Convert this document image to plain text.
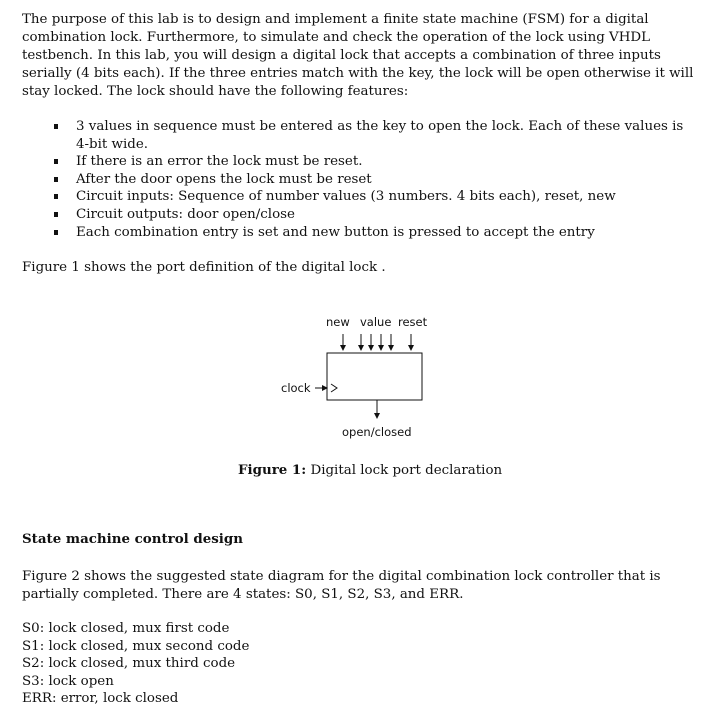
The purpose of this lab is to design and implement a finite state machine (FSM) for a digital combination lock. Furthermore, to simulate and check the operation of the lock using VHDL testbench. In this lab, you will design a digital lock that accepts a combination of three inputs serially (4 bits each). If the three entries match with the key, the lock will be open otherwise it will stay locked. The lock should have the following features:

3 values in sequence must be entered as the key to open the lock. Each of these values is 4-bit wide.
If there is an error the lock must be reset.
After the door opens the lock must be reset
Circuit inputs: Sequence of number values (3 numbers. 4 bits each), reset, new
Circuit outputs: door open/close
Each combination entry is set and new button is pressed to accept the entry

Figure 1 shows the port definition of the digital lock .

new value reset
clock
open/closed

Figure 1: Digital lock port declaration

State machine control design

Figure 2 shows the suggested state diagram for the digital combination lock controller that is partially completed. There are 4 states: S0, S1, S2, S3, and ERR.

S0: lock closed, mux first code
S1: lock closed, mux second code
S2: lock closed, mux third code
S3: lock open
ERR: error, lock closed
